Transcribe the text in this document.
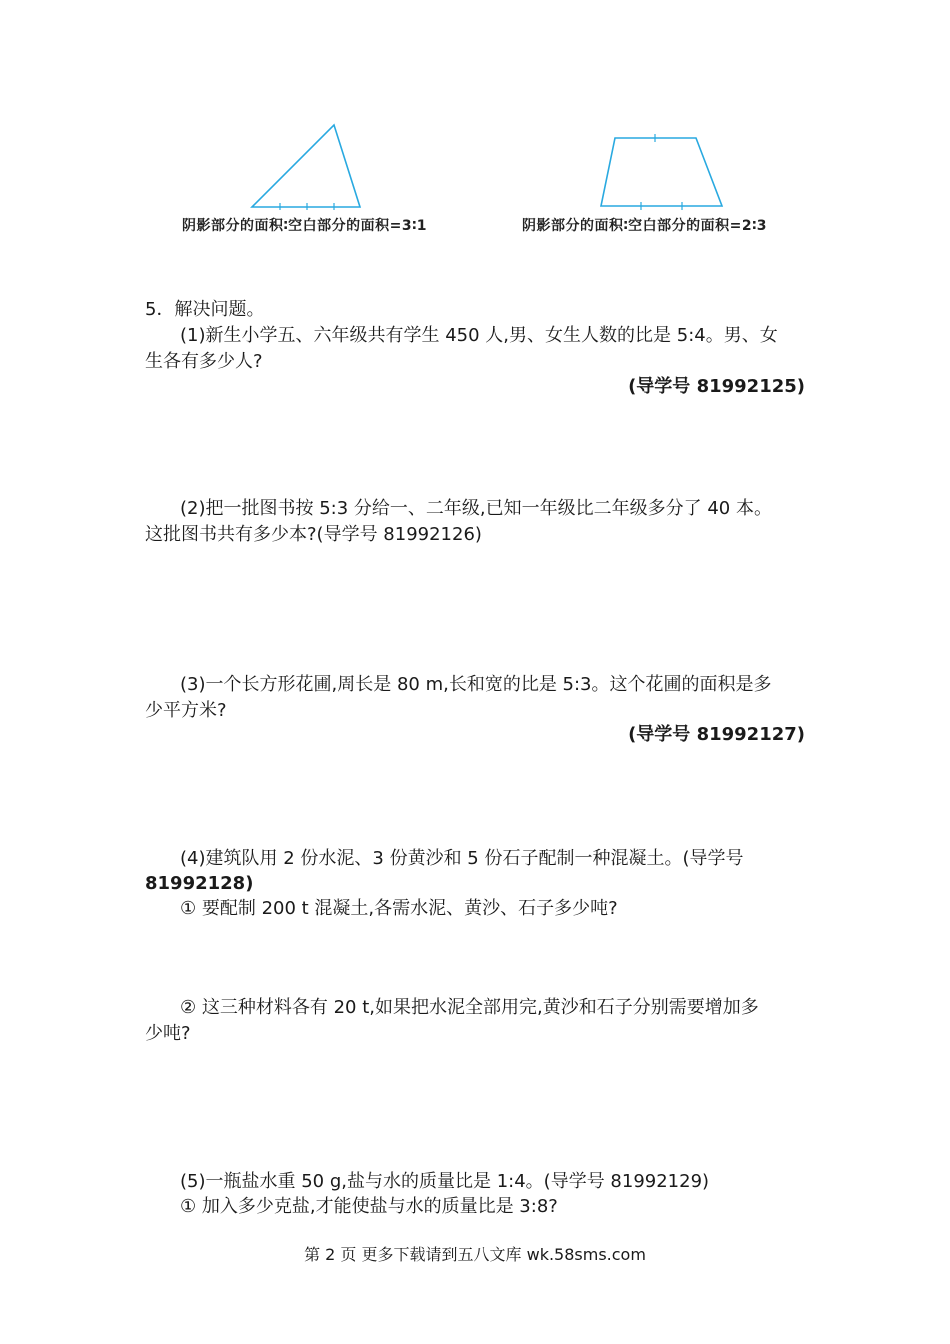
阴影部分的面积∶空白部分的面积=3∶1	阴影部分的面积∶空白部分的面积=2∶3
5．解决问题。
(1)新生小学五、六年级共有学生 450 人,男、女生人数的比是 5:4。男、女
生各有多少人?
(导学号 81992125)
(2)把一批图书按 5:3 分给一、二年级,已知一年级比二年级多分了 40 本。
这批图书共有多少本?(导学号 81992126)
(3)一个长方形花圃,周长是 80 m,长和宽的比是 5:3。这个花圃的面积是多
少平方米?
(导学号 81992127)
(4)建筑队用 2 份水泥、3 份黄沙和 5 份石子配制一种混凝土。(导学号
81992128)
① 要配制 200 t 混凝土,各需水泥、黄沙、石子多少吨?
② 这三种材料各有 20 t,如果把水泥全部用完,黄沙和石子分别需要增加多
少吨?
(5)一瓶盐水重 50 g,盐与水的质量比是 1:4。(导学号 81992129)
① 加入多少克盐,才能使盐与水的质量比是 3:8?
第 2 页 更多下载请到五八文库 wk.58sms.com
